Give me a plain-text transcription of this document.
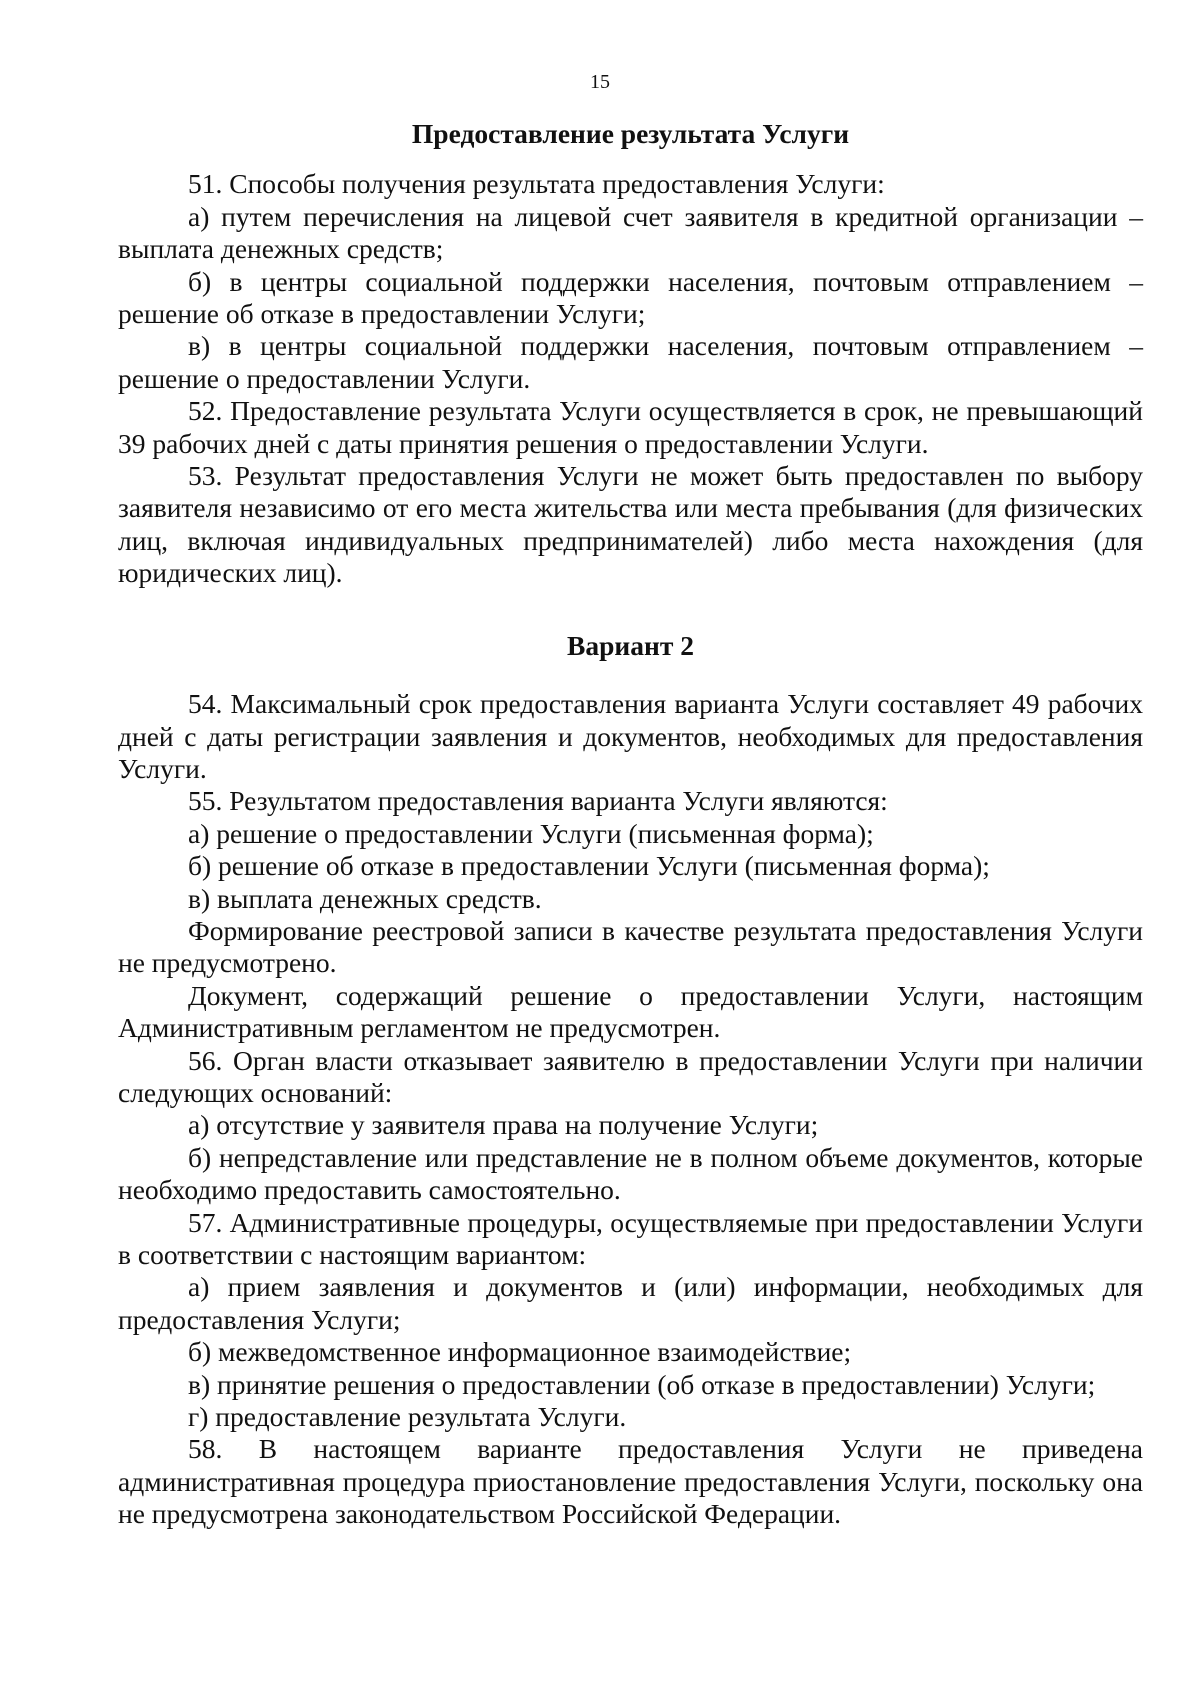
15

Предоставление результата Услуги

51. Способы получения результата предоставления Услуги:

а) путем перечисления на лицевой счет заявителя в кредитной организации – выплата денежных средств;

б) в центры социальной поддержки населения, почтовым отправлением – решение об отказе в предоставлении Услуги;

в) в центры социальной поддержки населения, почтовым отправлением – решение о предоставлении Услуги.

52. Предоставление результата Услуги осуществляется в срок, не превышающий 39 рабочих дней с даты принятия решения о предоставлении Услуги.

53. Результат предоставления Услуги не может быть предоставлен по выбору заявителя независимо от его места жительства или места пребывания (для физических лиц, включая индивидуальных предпринимателей) либо места нахождения (для юридических лиц).

Вариант 2

54. Максимальный срок предоставления варианта Услуги составляет 49 рабочих дней с даты регистрации заявления и документов, необходимых для предоставления Услуги.

55. Результатом предоставления варианта Услуги являются:

а) решение о предоставлении Услуги (письменная форма);

б) решение об отказе в предоставлении Услуги (письменная форма);

в) выплата денежных средств.

Формирование реестровой записи в качестве результата предоставления Услуги не предусмотрено.

Документ, содержащий решение о предоставлении Услуги, настоящим Административным регламентом не предусмотрен.

56. Орган власти отказывает заявителю в предоставлении Услуги при наличии следующих оснований:

а) отсутствие у заявителя права на получение Услуги;

б) непредставление или представление не в полном объеме документов, которые необходимо предоставить самостоятельно.

57. Административные процедуры, осуществляемые при предоставлении Услуги в соответствии с настоящим вариантом:

а) прием заявления и документов и (или) информации, необходимых для предоставления Услуги;

б) межведомственное информационное взаимодействие;

в) принятие решения о предоставлении (об отказе в предоставлении) Услуги;

г) предоставление результата Услуги.

58. В настоящем варианте предоставления Услуги не приведена административная процедура приостановление предоставления Услуги, поскольку она не предусмотрена законодательством Российской Федерации.
